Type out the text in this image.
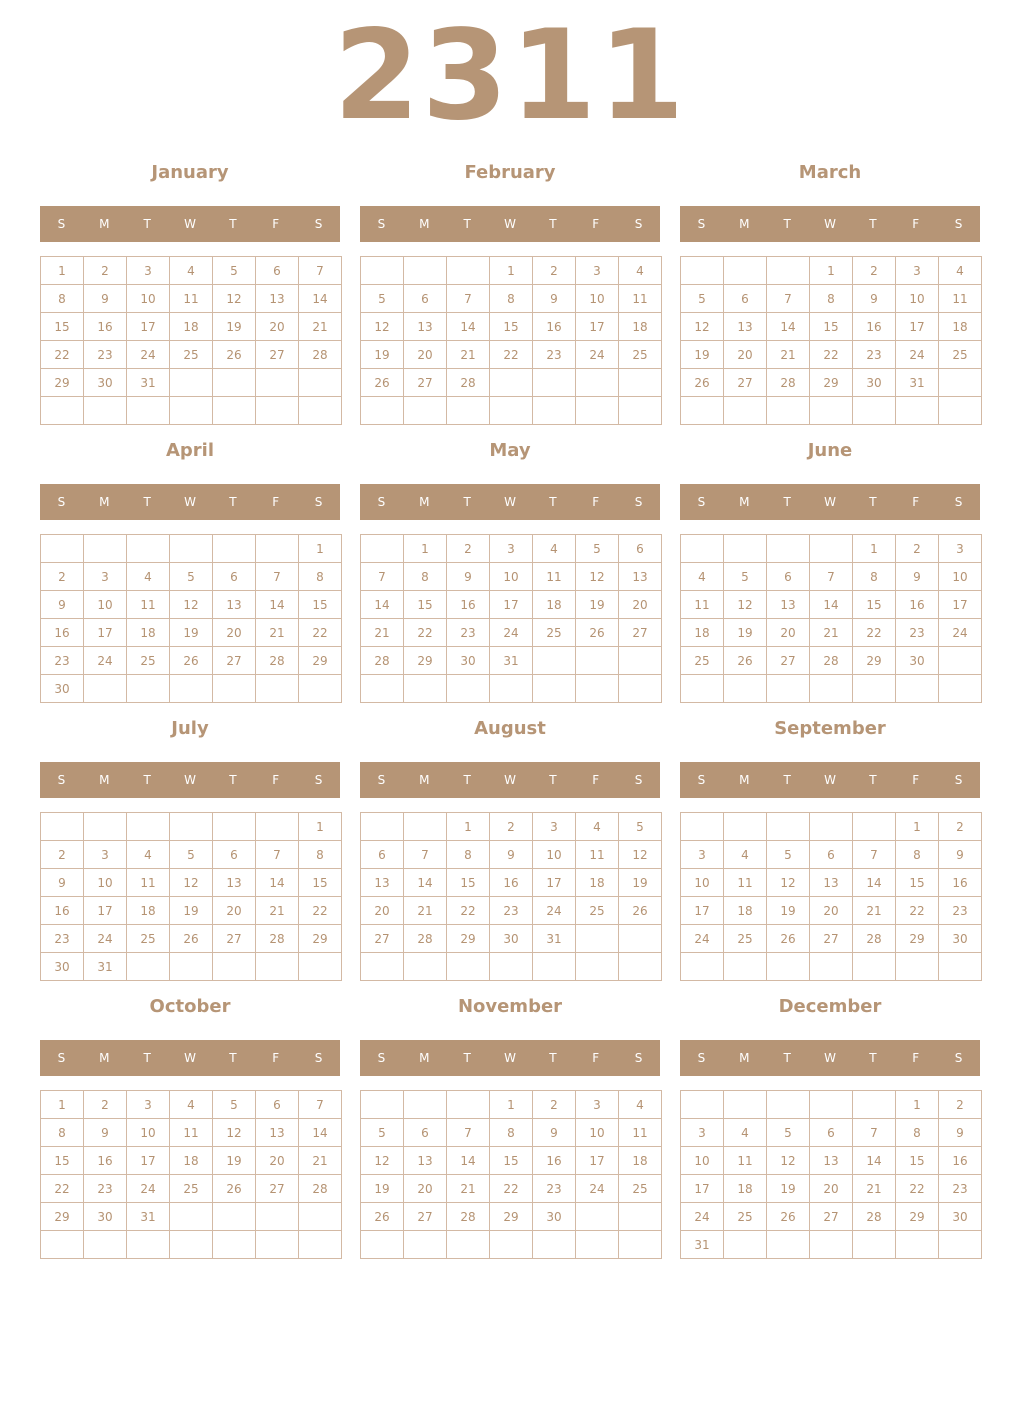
2311
January
S	M	T	W	T	F	S
1	2	3	4	5	6	7
8	9	10	11	12	13	14
15	16	17	18	19	20	21
22	23	24	25	26	27	28
29	30	31				

February
S	M	T	W	T	F	S
			1	2	3	4
5	6	7	8	9	10	11
12	13	14	15	16	17	18
19	20	21	22	23	24	25
26	27	28				

March
S	M	T	W	T	F	S
			1	2	3	4
5	6	7	8	9	10	11
12	13	14	15	16	17	18
19	20	21	22	23	24	25
26	27	28	29	30	31	

April
S	M	T	W	T	F	S
						1
2	3	4	5	6	7	8
9	10	11	12	13	14	15
16	17	18	19	20	21	22
23	24	25	26	27	28	29
30						
May
S	M	T	W	T	F	S
	1	2	3	4	5	6
7	8	9	10	11	12	13
14	15	16	17	18	19	20
21	22	23	24	25	26	27
28	29	30	31			

June
S	M	T	W	T	F	S
				1	2	3
4	5	6	7	8	9	10
11	12	13	14	15	16	17
18	19	20	21	22	23	24
25	26	27	28	29	30	

July
S	M	T	W	T	F	S
						1
2	3	4	5	6	7	8
9	10	11	12	13	14	15
16	17	18	19	20	21	22
23	24	25	26	27	28	29
30	31					
August
S	M	T	W	T	F	S
		1	2	3	4	5
6	7	8	9	10	11	12
13	14	15	16	17	18	19
20	21	22	23	24	25	26
27	28	29	30	31		

September
S	M	T	W	T	F	S
					1	2
3	4	5	6	7	8	9
10	11	12	13	14	15	16
17	18	19	20	21	22	23
24	25	26	27	28	29	30

October
S	M	T	W	T	F	S
1	2	3	4	5	6	7
8	9	10	11	12	13	14
15	16	17	18	19	20	21
22	23	24	25	26	27	28
29	30	31				

November
S	M	T	W	T	F	S
			1	2	3	4
5	6	7	8	9	10	11
12	13	14	15	16	17	18
19	20	21	22	23	24	25
26	27	28	29	30		

December
S	M	T	W	T	F	S
					1	2
3	4	5	6	7	8	9
10	11	12	13	14	15	16
17	18	19	20	21	22	23
24	25	26	27	28	29	30
31						
